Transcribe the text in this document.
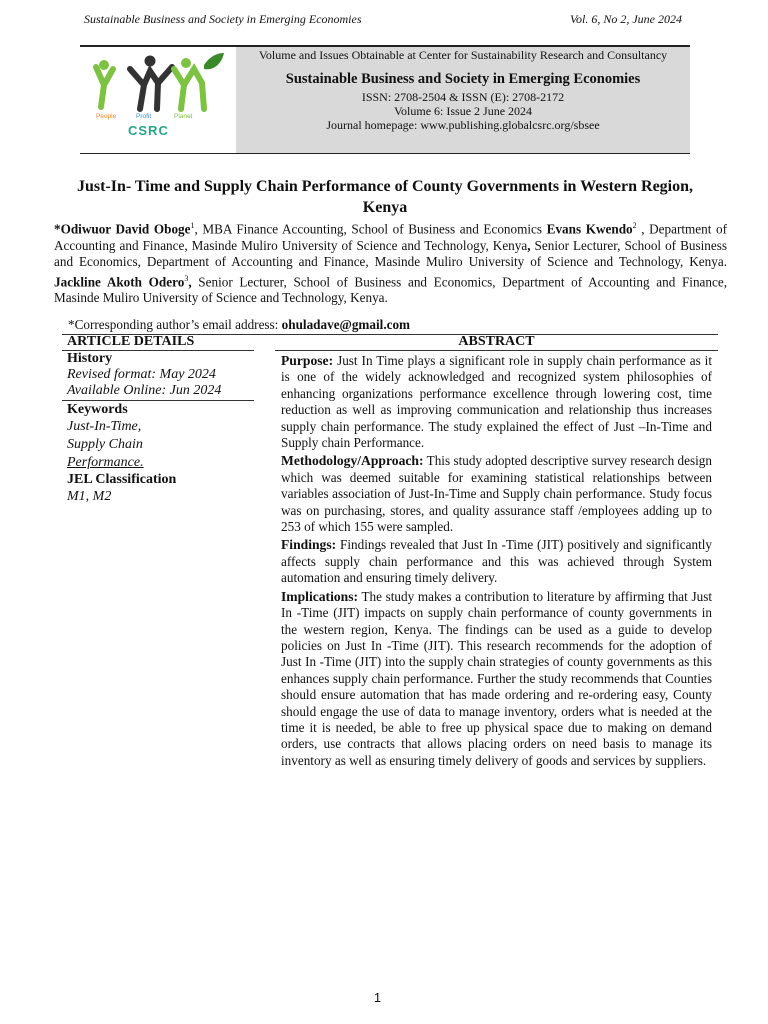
Sustainable Business and Society in Emerging Economies	Vol. 6, No 2, June 2024
People	Profit	Planet
CSRC
Volume and Issues Obtainable at Center for Sustainability Research and Consultancy
Sustainable Business and Society in Emerging Economies
ISSN: 2708-2504 & ISSN (E): 2708-2172
Volume 6: Issue 2 June 2024
Journal homepage: www.publishing.globalcsrc.org/sbsee
Just-In- Time and Supply Chain Performance of County Governments in Western Region, Kenya
*Odiwuor David Oboge$^1$, MBA Finance Accounting, School of Business and Economics Evans Kwendo$^2$ , Department of Accounting and Finance, Masinde Muliro University of Science and Technology, Kenya, Senior Lecturer, School of Business and Economics, Department of Accounting and Finance, Masinde Muliro University of Science and Technology, Kenya. Jackline Akoth Odero$^3$, Senior Lecturer, School of Business and Economics, Department of Accounting and Finance, Masinde Muliro University of Science and Technology, Kenya.
*Corresponding author’s email address: ohuladave@gmail.com
ARTICLE DETAILS
History
Revised format: May 2024
Available Online: Jun 2024
Keywords
Just-In-Time,
Supply Chain
Performance.
JEL Classification
M1, M2
ABSTRACT

Purpose: Just In Time plays a significant role in supply chain performance as it is one of the widely acknowledged and recognized system philosophies of enhancing organizations performance excellence through lowering cost, time reduction as well as improving communication and relationship thus increases supply chain performance. The study explained the effect of Just –In-Time and Supply chain Performance.

Methodology/Approach: This study adopted descriptive survey research design which was deemed suitable for examining statistical relationships between variables association of Just-In-Time and Supply chain performance. Study focus was on purchasing, stores, and quality assurance staff /employees adding up to 253 of which 155 were sampled.

Findings: Findings revealed that Just In -Time (JIT) positively and significantly affects supply chain performance and this was achieved through System automation and ensuring timely delivery.

Implications: The study makes a contribution to literature by affirming that Just In -Time (JIT) impacts on supply chain performance of county governments in the western region, Kenya. The findings can be used as a guide to develop policies on Just In -Time (JIT). This research recommends for the adoption of Just In -Time (JIT) into the supply chain strategies of county governments as this enhances supply chain performance. Further the study recommends that Counties should ensure automation that has made ordering and re-ordering easy, County should engage the use of data to manage inventory, orders what is needed at the time it is needed, be able to free up physical space due to making on demand orders, use contracts that allows placing orders on need basis to manage its inventory as well as ensuring timely delivery of goods and services by suppliers.

1
